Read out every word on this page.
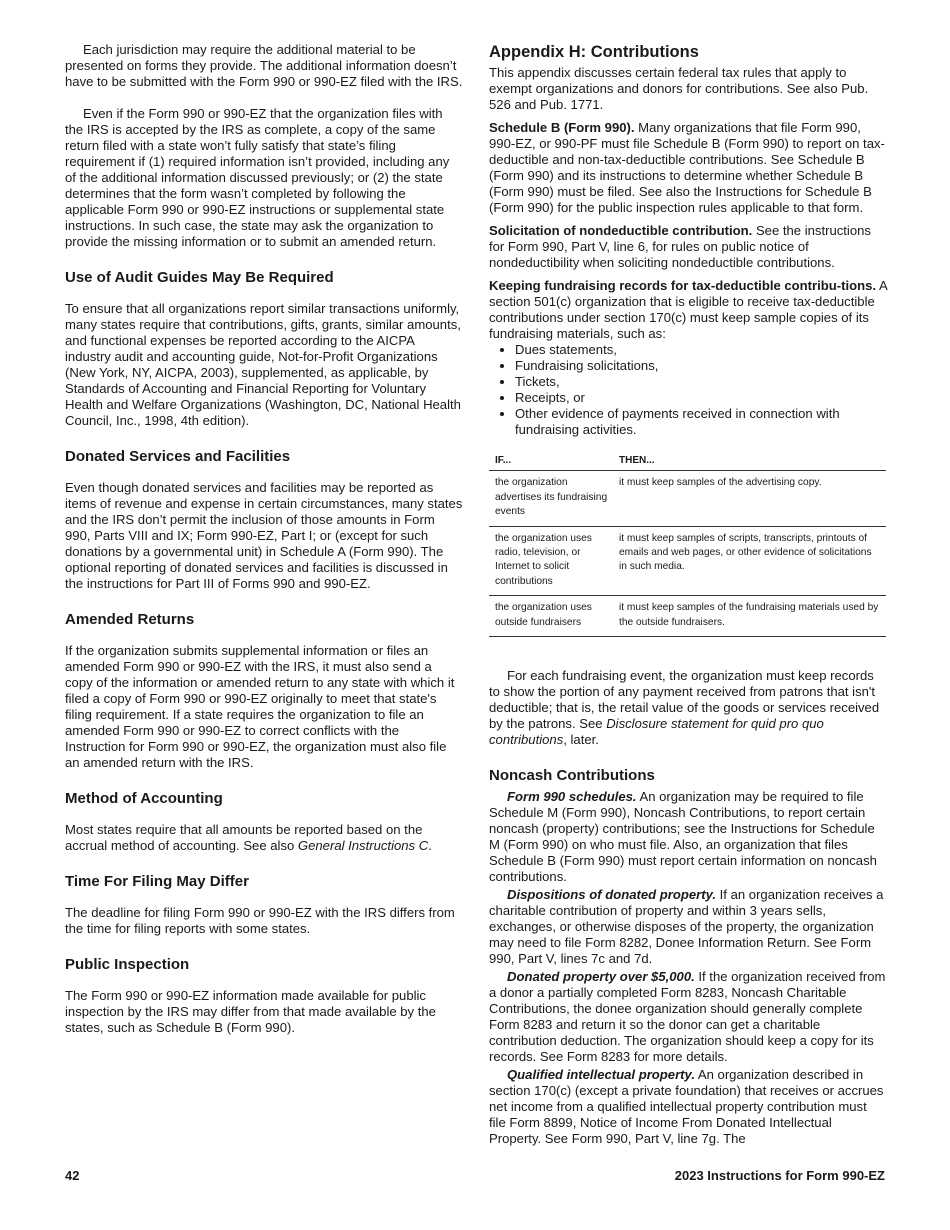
Each jurisdiction may require the additional material to be presented on forms they provide. The additional information doesn’t have to be submitted with the Form 990 or 990-EZ filed with the IRS.

Even if the Form 990 or 990-EZ that the organization files with the IRS is accepted by the IRS as complete, a copy of the same return filed with a state won’t fully satisfy that state’s filing requirement if (1) required information isn’t provided, including any of the additional information discussed previously; or (2) the state determines that the form wasn’t completed by following the applicable Form 990 or 990-EZ instructions or supplemental state instructions. In such case, the state may ask the organization to provide the missing information or to submit an amended return.

Use of Audit Guides May Be Required

To ensure that all organizations report similar transactions uniformly, many states require that contributions, gifts, grants, similar amounts, and functional expenses be reported according to the AICPA industry audit and accounting guide, Not-for-Profit Organizations (New York, NY, AICPA, 2003), supplemented, as applicable, by Standards of Accounting and Financial Reporting for Voluntary Health and Welfare Organizations (Washington, DC, National Health Council, Inc., 1998, 4th edition).

Donated Services and Facilities

Even though donated services and facilities may be reported as items of revenue and expense in certain circumstances, many states and the IRS don’t permit the inclusion of those amounts in Form 990, Parts VIII and IX; Form 990-EZ, Part I; or (except for such donations by a governmental unit) in Schedule A (Form 990). The optional reporting of donated services and facilities is discussed in the instructions for Part III of Forms 990 and 990-EZ.

Amended Returns

If the organization submits supplemental information or files an amended Form 990 or 990-EZ with the IRS, it must also send a copy of the information or amended return to any state with which it filed a copy of Form 990 or 990-EZ originally to meet that state's filing requirement. If a state requires the organization to file an amended Form 990 or 990-EZ to correct conflicts with the Instruction for Form 990 or 990-EZ, the organization must also file an amended return with the IRS.

Method of Accounting

Most states require that all amounts be reported based on the accrual method of accounting. See also General Instructions C.

Time For Filing May Differ

The deadline for filing Form 990 or 990-EZ with the IRS differs from the time for filing reports with some states.

Public Inspection

The Form 990 or 990-EZ information made available for public inspection by the IRS may differ from that made available by the states, such as Schedule B (Form 990).

Appendix H: Contributions

This appendix discusses certain federal tax rules that apply to exempt organizations and donors for contributions. See also Pub. 526 and Pub. 1771.

Schedule B (Form 990). Many organizations that file Form 990, 990-EZ, or 990-PF must file Schedule B (Form 990) to report on tax-deductible and non-tax-deductible contributions. See Schedule B (Form 990) and its instructions to determine whether Schedule B (Form 990) must be filed. See also the Instructions for Schedule B (Form 990) for the public inspection rules applicable to that form.

Solicitation of nondeductible contribution. See the instructions for Form 990, Part V, line 6, for rules on public notice of nondeductibility when soliciting nondeductible contributions.

Keeping fundraising records for tax-deductible contribu-tions. A section 501(c) organization that is eligible to receive tax-deductible contributions under section 170(c) must keep sample copies of its fundraising materials, such as:

• Dues statements,
• Fundraising solicitations,
• Tickets,
• Receipts, or
• Other evidence of payments received in connection with fundraising activities.
IF...	THEN...
the organization advertises its fundraising events	it must keep samples of the advertising copy.
the organization uses radio, television, or Internet to solicit contributions	it must keep samples of scripts, transcripts, printouts of emails and web pages, or other evidence of solicitations in such media.
the organization uses outside fundraisers	it must keep samples of the fundraising materials used by the outside fundraisers.

For each fundraising event, the organization must keep records to show the portion of any payment received from patrons that isn't deductible; that is, the retail value of the goods or services received by the patrons. See Disclosure statement for quid pro quo contributions, later.

Noncash Contributions

Form 990 schedules. An organization may be required to file Schedule M (Form 990), Noncash Contributions, to report certain noncash (property) contributions; see the Instructions for Schedule M (Form 990) on who must file. Also, an organization that files Schedule B (Form 990) must report certain information on noncash contributions.

Dispositions of donated property. If an organization receives a charitable contribution of property and within 3 years sells, exchanges, or otherwise disposes of the property, the organization may need to file Form 8282, Donee Information Return. See Form 990, Part V, lines 7c and 7d.

Donated property over $5,000. If the organization received from a donor a partially completed Form 8283, Noncash Charitable Contributions, the donee organization should generally complete Form 8283 and return it so the donor can get a charitable contribution deduction. The organization should keep a copy for its records. See Form 8283 for more details.

Qualified intellectual property. An organization described in section 170(c) (except a private foundation) that receives or accrues net income from a qualified intellectual property contribution must file Form 8899, Notice of Income From Donated Intellectual Property. See Form 990, Part V, line 7g. The

42	2023 Instructions for Form 990-EZ
